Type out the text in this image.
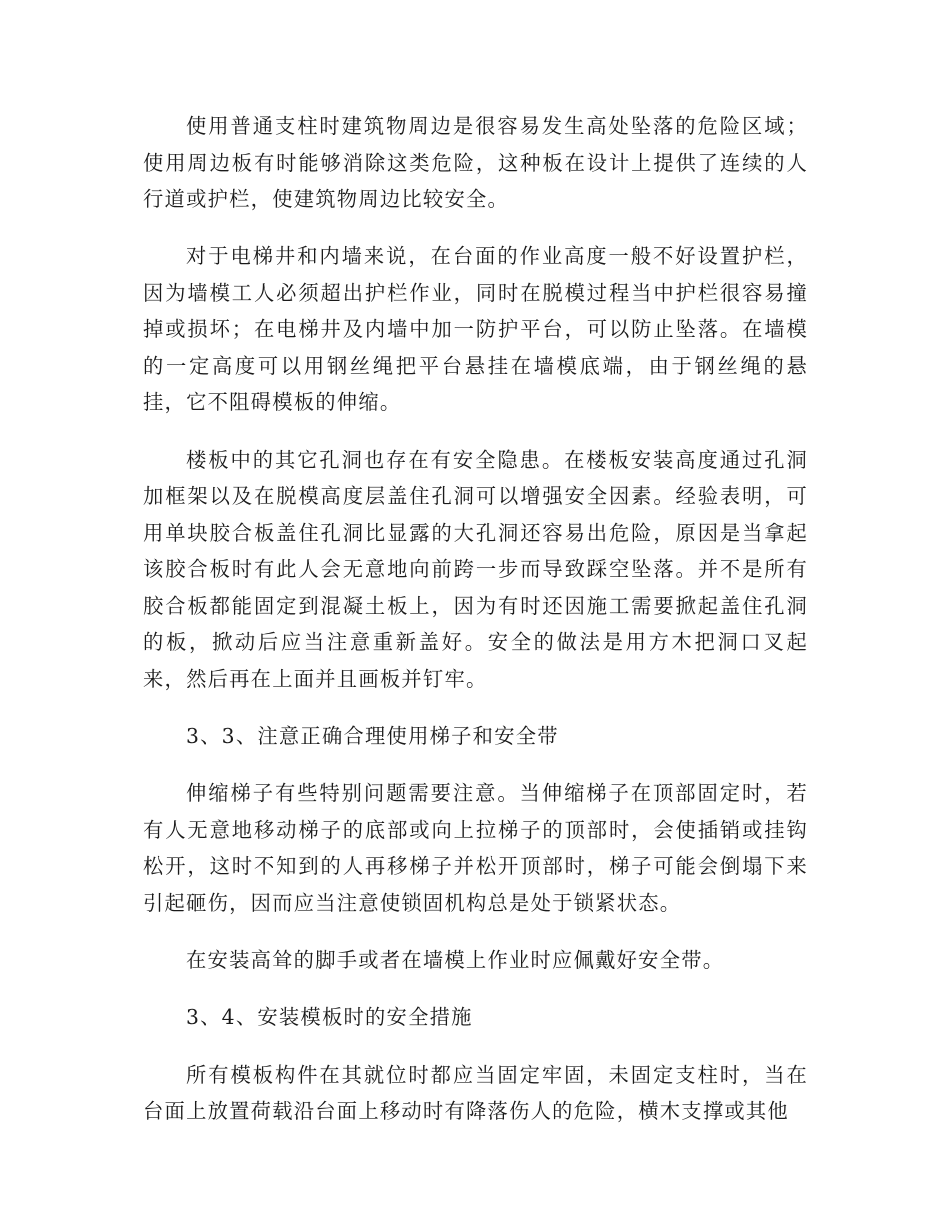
使用普通支柱时建筑物周边是很容易发生高处坠落的危险区域；使用周边板有时能够消除这类危险，这种板在设计上提供了连续的人行道或护栏，使建筑物周边比较安全。

对于电梯井和内墙来说，在台面的作业高度一般不好设置护栏，因为墙模工人必须超出护栏作业，同时在脱模过程当中护栏很容易撞掉或损坏；在电梯井及内墙中加一防护平台，可以防止坠落。在墙模的一定高度可以用钢丝绳把平台悬挂在墙模底端，由于钢丝绳的悬挂，它不阻碍模板的伸缩。

楼板中的其它孔洞也存在有安全隐患。在楼板安装高度通过孔洞加框架以及在脱模高度层盖住孔洞可以增强安全因素。经验表明，可用单块胶合板盖住孔洞比显露的大孔洞还容易出危险，原因是当拿起该胶合板时有此人会无意地向前跨一步而导致踩空坠落。并不是所有胶合板都能固定到混凝土板上，因为有时还因施工需要掀起盖住孔洞的板，掀动后应当注意重新盖好。安全的做法是用方木把洞口叉起来，然后再在上面并且画板并钉牢。

3、3、注意正确合理使用梯子和安全带

伸缩梯子有些特别问题需要注意。当伸缩梯子在顶部固定时，若有人无意地移动梯子的底部或向上拉梯子的顶部时，会使插销或挂钩松开，这时不知到的人再移梯子并松开顶部时，梯子可能会倒塌下来引起砸伤，因而应当注意使锁固机构总是处于锁紧状态。

在安装高耸的脚手或者在墙模上作业时应佩戴好安全带。

3、4、安装模板时的安全措施

所有模板构件在其就位时都应当固定牢固，未固定支柱时，当在台面上放置荷载沿台面上移动时有降落伤人的危险，横木支撑或其他
